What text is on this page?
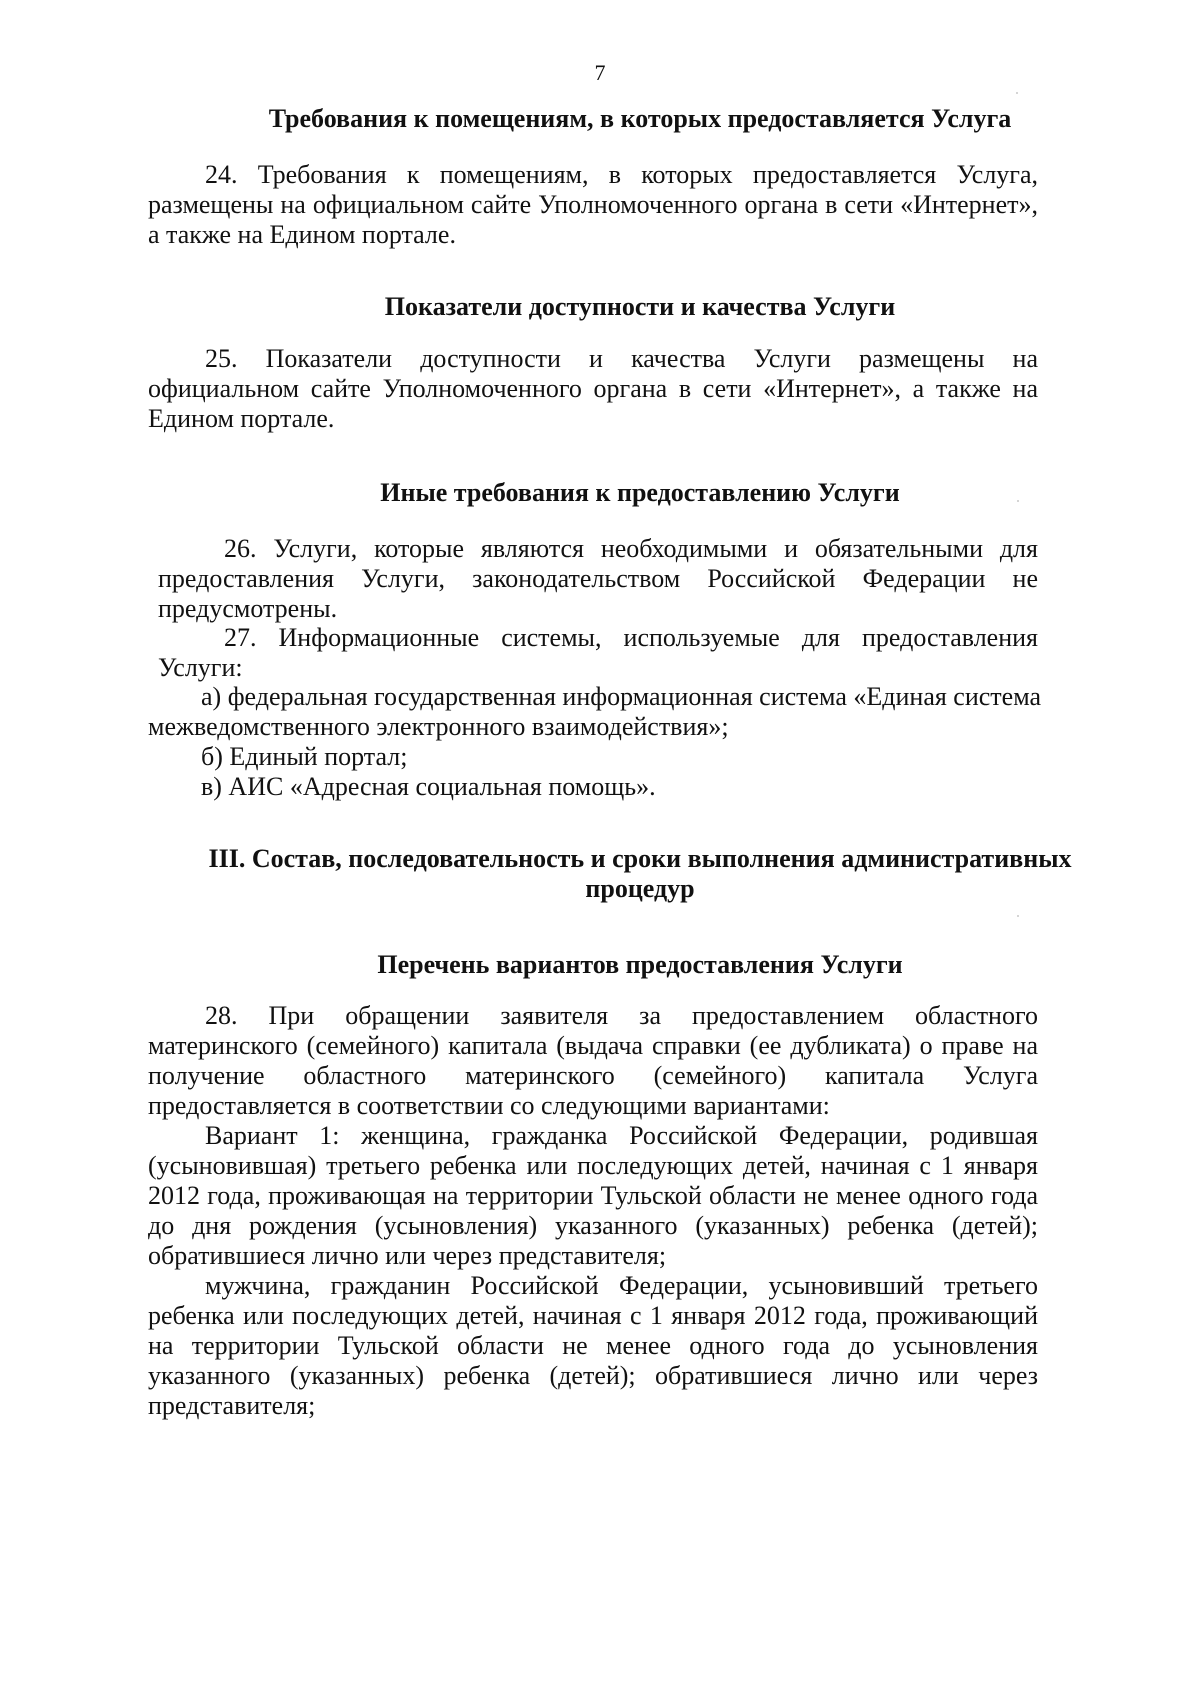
7
Требования к помещениям, в которых предоставляется Услуга
24. Требования к помещениям, в которых предоставляется Услуга,
размещены на официальном сайте Уполномоченного органа в сети «Интернет»,
а также на Едином портале.
Показатели доступности и качества Услуги
25. Показатели доступности и качества Услуги размещены на
официальном сайте Уполномоченного органа в сети «Интернет», а также на
Едином портале.
Иные требования к предоставлению Услуги
26. Услуги, которые являются необходимыми и обязательными для
предоставления Услуги, законодательством Российской Федерации не
предусмотрены.
27. Информационные системы, используемые для предоставления
Услуги:
а) федеральная государственная информационная система «Единая система
межведомственного электронного взаимодействия»;
б) Единый портал;
в) АИС «Адресная социальная помощь».
III. Состав, последовательность и сроки выполнения административных
процедур
Перечень вариантов предоставления Услуги
28. При обращении заявителя за предоставлением областного
материнского (семейного) капитала (выдача справки (ее дубликата) о праве на
получение областного материнского (семейного) капитала Услуга
предоставляется в соответствии со следующими вариантами:
Вариант 1: женщина, гражданка Российской Федерации, родившая
(усыновившая) третьего ребенка или последующих детей, начиная с 1 января
2012 года, проживающая на территории Тульской области не менее одного года
до дня рождения (усыновления) указанного (указанных) ребенка (детей);
обратившиеся лично или через представителя;
мужчина, гражданин Российской Федерации, усыновивший третьего
ребенка или последующих детей, начиная с 1 января 2012 года, проживающий
на территории Тульской области не менее одного года до усыновления
указанного (указанных) ребенка (детей); обратившиеся лично или через
представителя;
